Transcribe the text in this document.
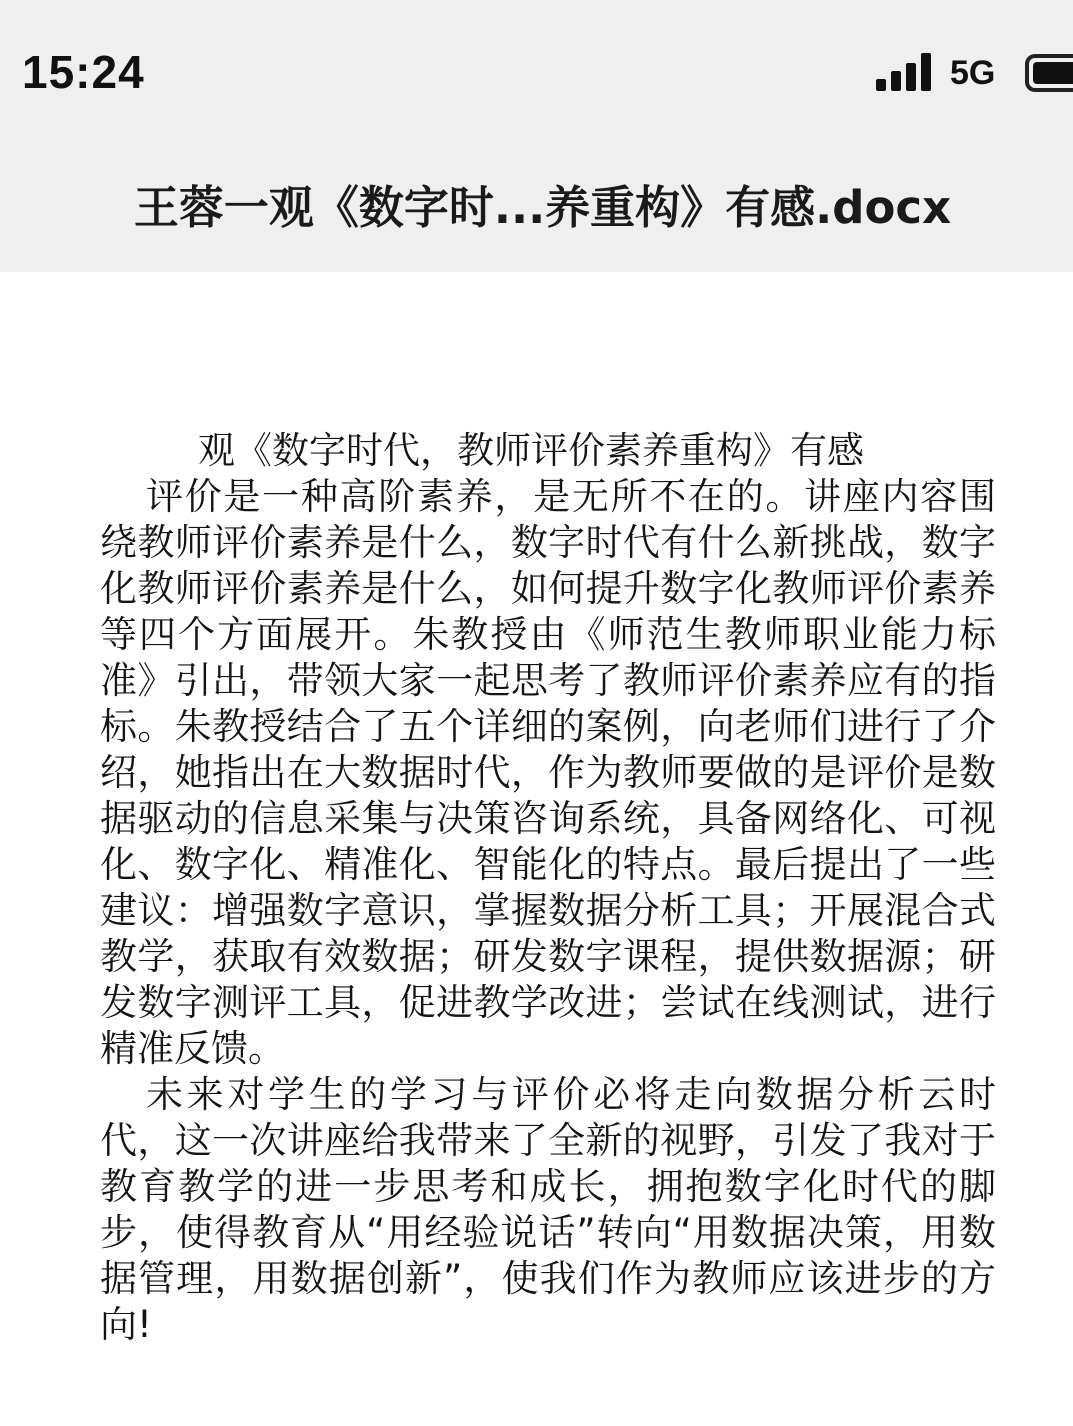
15:24	5G
王蓉一观《数字时...养重构》有感.docx
观《数字时代，教师评价素养重构》有感

评价是一种高阶素养，是无所不在的。讲座内容围绕教师评价素养是什么，数字时代有什么新挑战，数字化教师评价素养是什么，如何提升数字化教师评价素养等四个方面展开。朱教授由《师范生教师职业能力标准》引出，带领大家一起思考了教师评价素养应有的指标。朱教授结合了五个详细的案例，向老师们进行了介绍，她指出在大数据时代，作为教师要做的是评价是数据驱动的信息采集与决策咨询系统，具备网络化、可视化、数字化、精准化、智能化的特点。最后提出了一些建议：增强数字意识，掌握数据分析工具；开展混合式教学，获取有效数据；研发数字课程，提供数据源；研发数字测评工具，促进教学改进；尝试在线测试，进行精准反馈。

未来对学生的学习与评价必将走向数据分析云时代，这一次讲座给我带来了全新的视野，引发了我对于教育教学的进一步思考和成长，拥抱数字化时代的脚步，使得教育从“用经验说话”转向“用数据决策，用数据管理，用数据创新”，使我们作为教师应该进步的方向!
